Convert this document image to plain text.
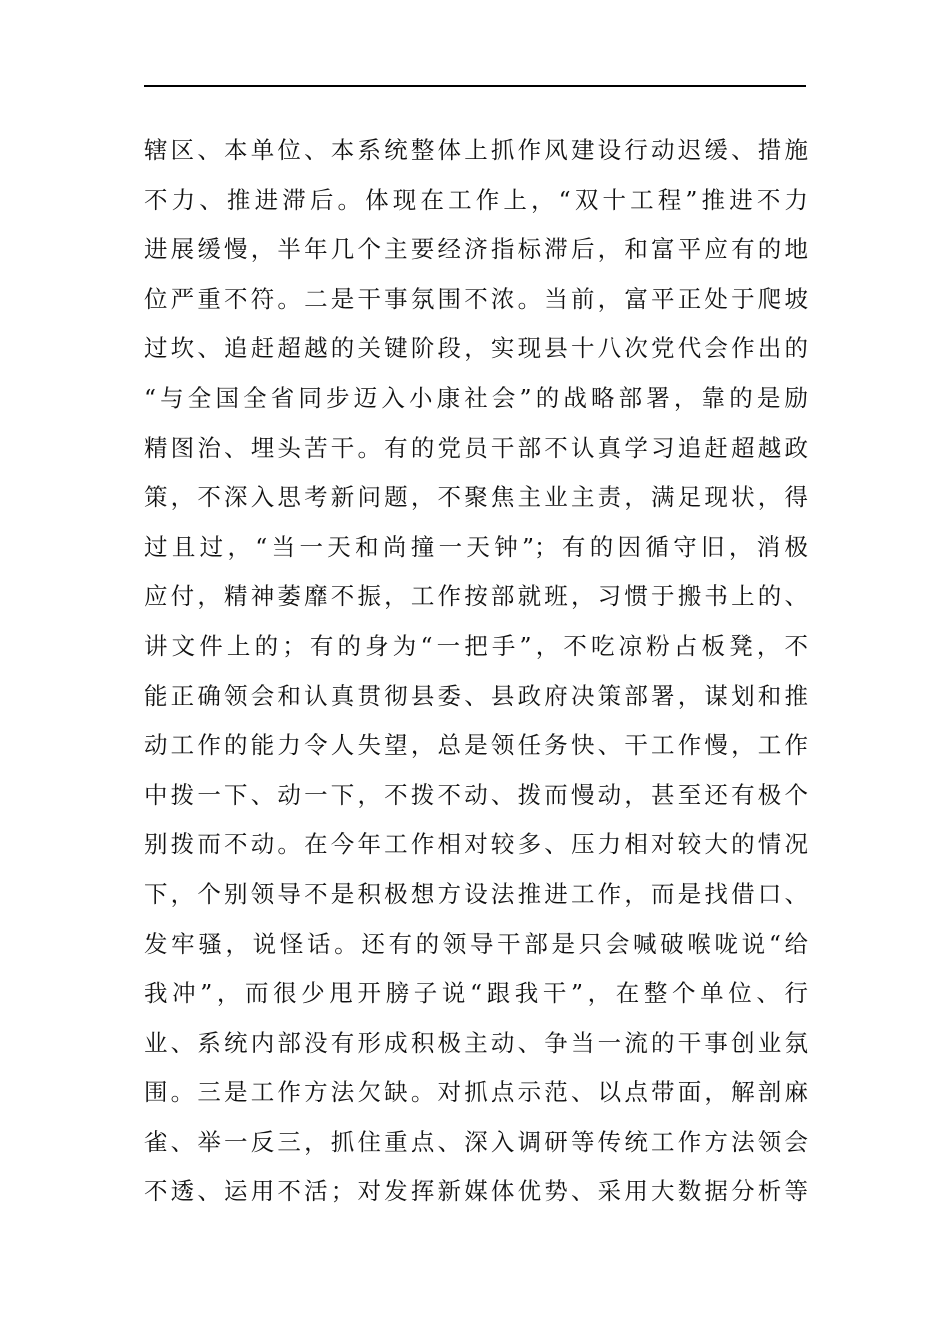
辖区、本单位、本系统整体上抓作风建设行动迟缓、措施
不力、推进滞后。体现在工作上，“双十工程”推进不力
进展缓慢，半年几个主要经济指标滞后，和富平应有的地
位严重不符。二是干事氛围不浓。当前，富平正处于爬坡
过坎、追赶超越的关键阶段，实现县十八次党代会作出的
“与全国全省同步迈入小康社会”的战略部署，靠的是励
精图治、埋头苦干。有的党员干部不认真学习追赶超越政
策，不深入思考新问题，不聚焦主业主责，满足现状，得
过且过，“当一天和尚撞一天钟”；有的因循守旧，消极
应付，精神萎靡不振，工作按部就班，习惯于搬书上的、
讲文件上的；有的身为“一把手”，不吃凉粉占板凳，不
能正确领会和认真贯彻县委、县政府决策部署，谋划和推
动工作的能力令人失望，总是领任务快、干工作慢，工作
中拨一下、动一下，不拨不动、拨而慢动，甚至还有极个
别拨而不动。在今年工作相对较多、压力相对较大的情况
下，个别领导不是积极想方设法推进工作，而是找借口、
发牢骚，说怪话。还有的领导干部是只会喊破喉咙说“给
我冲”，而很少甩开膀子说“跟我干”，在整个单位、行
业、系统内部没有形成积极主动、争当一流的干事创业氛
围。三是工作方法欠缺。对抓点示范、以点带面，解剖麻
雀、举一反三，抓住重点、深入调研等传统工作方法领会
不透、运用不活；对发挥新媒体优势、采用大数据分析等
